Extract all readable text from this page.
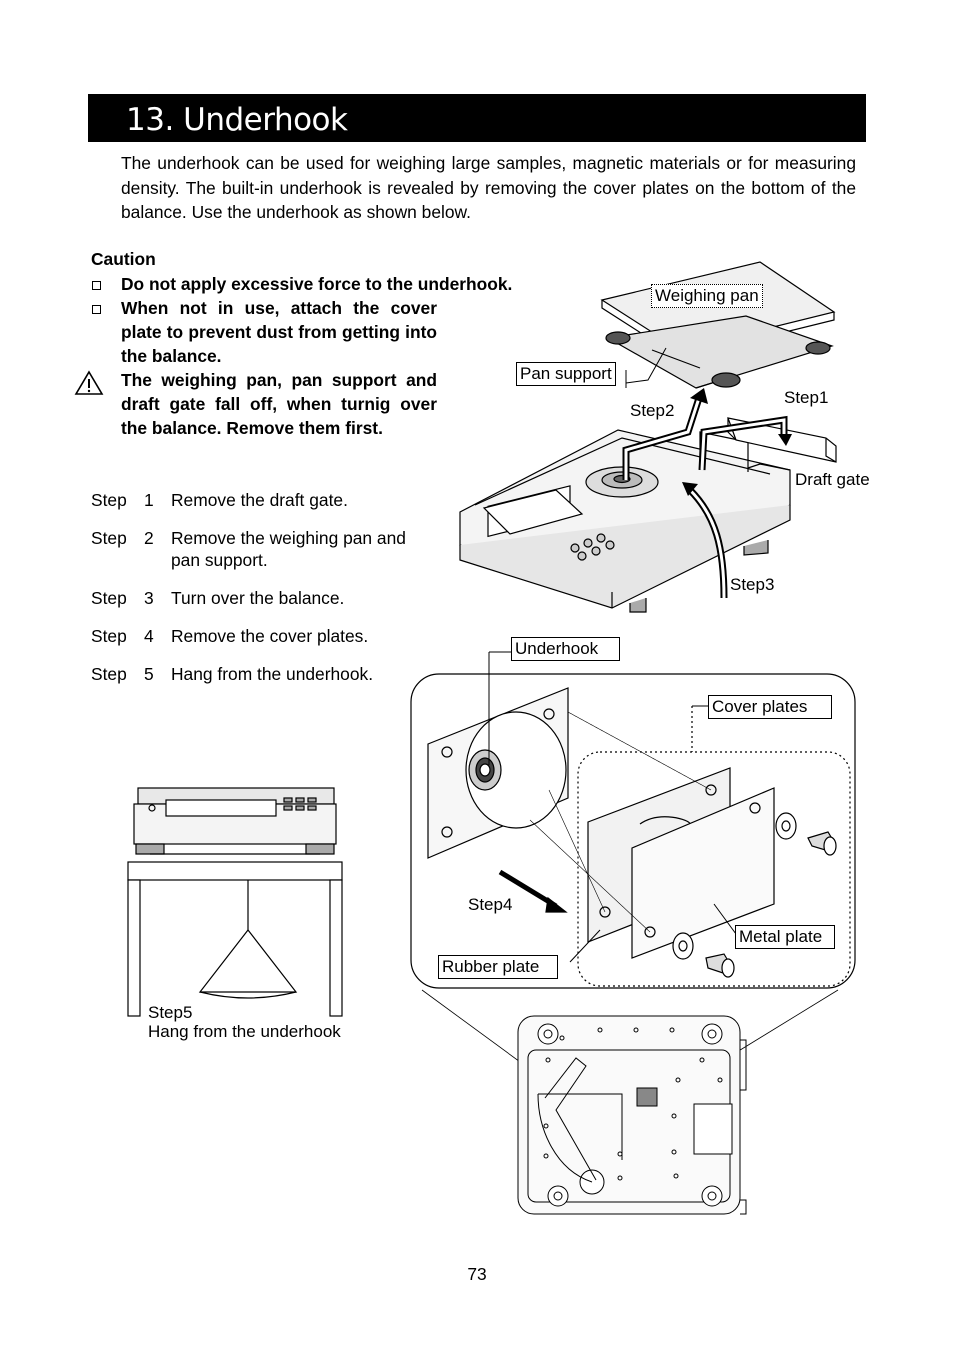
13. Underhook
The underhook can be used for weighing large samples, magnetic materials or for measuring density. The built-in underhook is revealed by removing the cover plates on the bottom of the balance. Use the underhook as shown below.
Caution
Do not apply excessive force to the underhook.
When not in use, attach the cover plate to prevent dust from getting into the balance.
The weighing pan, pan support and draft gate fall off, when turnig over the balance. Remove them first.
Step 1 Remove the draft gate.
Step 2 Remove the weighing pan and pan support.
Step 3 Turn over the balance.
Step 4 Remove the cover plates.
Step 5 Hang from the underhook.
Weighing pan
Pan support
Step2
Step1
Draft gate
Step3
Underhook
Cover plates
Step4
Metal plate
Rubber plate
Step5
Hang from the underhook
73
